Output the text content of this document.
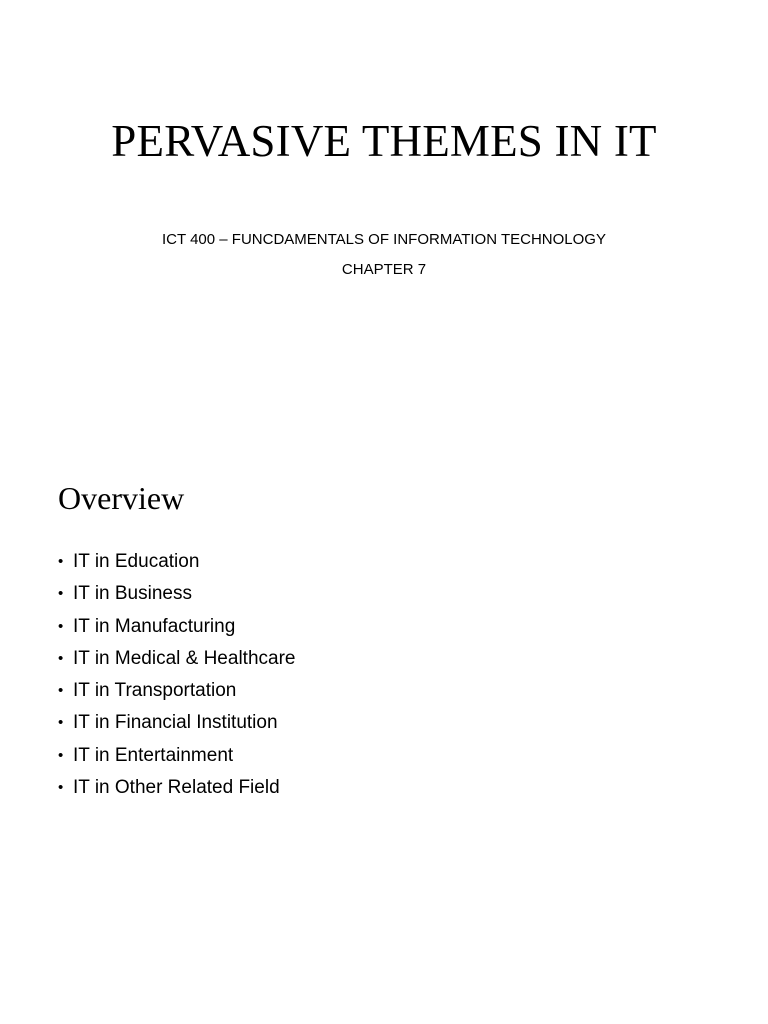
PERVASIVE THEMES IN IT

ICT 400 – FUNCDAMENTALS OF INFORMATION TECHNOLOGY

CHAPTER 7

Overview
• IT in Education
• IT in Business
• IT in Manufacturing
• IT in Medical & Healthcare
• IT in Transportation
• IT in Financial Institution
• IT in Entertainment
• IT in Other Related Field
